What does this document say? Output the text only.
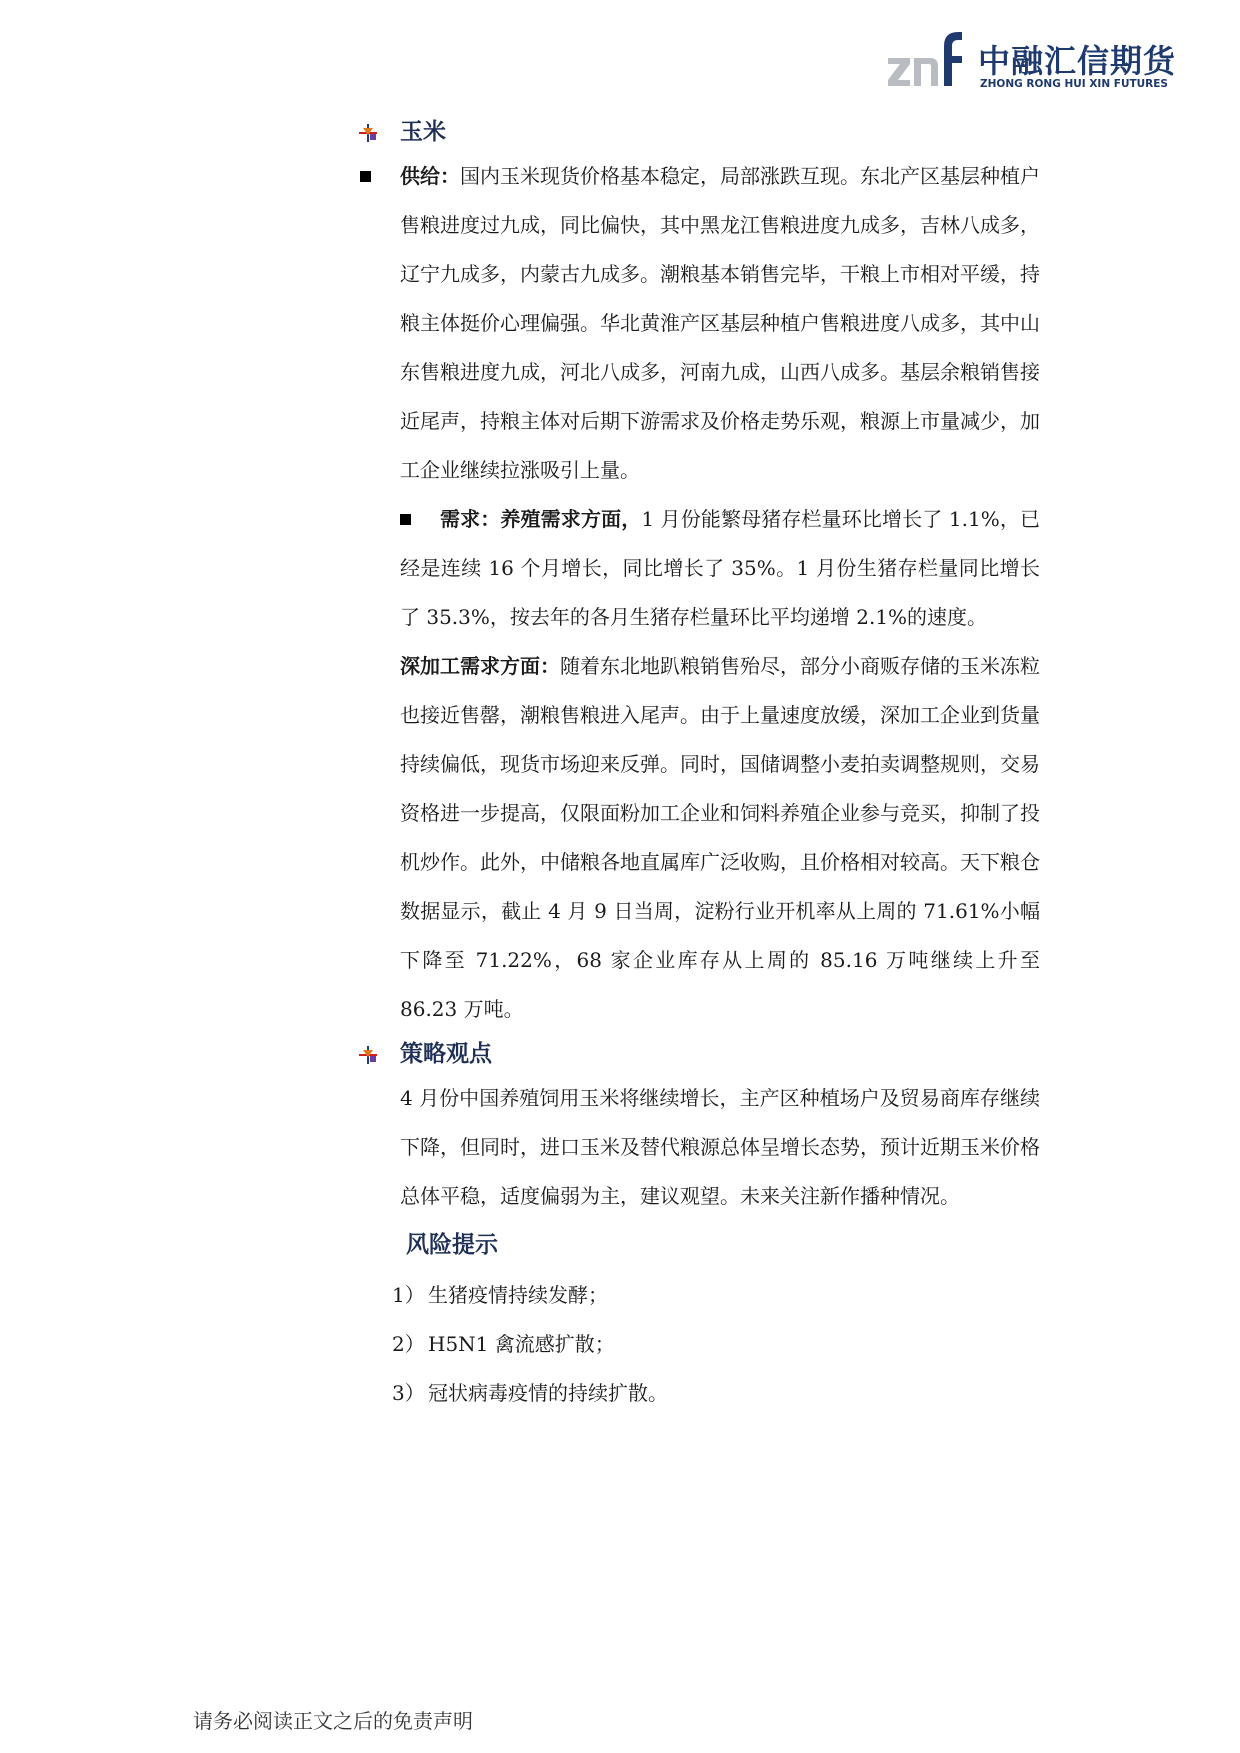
中融汇信期货
ZHONG RONG HUI XIN FUTURES
玉米
供给：国内玉米现货价格基本稳定，局部涨跌互现。东北产区基层种植户售粮进度过九成，同比偏快，其中黑龙江售粮进度九成多，吉林八成多，辽宁九成多，内蒙古九成多。潮粮基本销售完毕，干粮上市相对平缓，持粮主体挺价心理偏强。华北黄淮产区基层种植户售粮进度八成多，其中山东售粮进度九成，河北八成多，河南九成，山西八成多。基层余粮销售接近尾声，持粮主体对后期下游需求及价格走势乐观，粮源上市量减少，加工企业继续拉涨吸引上量。
需求：养殖需求方面，1 月份能繁母猪存栏量环比增长了 1.1%，已经是连续 16 个月增长，同比增长了 35%。1 月份生猪存栏量同比增长了 35.3%，按去年的各月生猪存栏量环比平均递增 2.1%的速度。
深加工需求方面：随着东北地趴粮销售殆尽，部分小商贩存储的玉米冻粒也接近售罄，潮粮售粮进入尾声。由于上量速度放缓，深加工企业到货量持续偏低，现货市场迎来反弹。同时，国储调整小麦拍卖调整规则，交易资格进一步提高，仅限面粉加工企业和饲料养殖企业参与竞买，抑制了投机炒作。此外，中储粮各地直属库广泛收购，且价格相对较高。天下粮仓数据显示，截止 4 月 9 日当周，淀粉行业开机率从上周的 71.61%小幅下降至 71.22%，68 家企业库存从上周的 85.16 万吨继续上升至 86.23 万吨。
策略观点
4 月份中国养殖饲用玉米将继续增长，主产区种植场户及贸易商库存继续下降，但同时，进口玉米及替代粮源总体呈增长态势，预计近期玉米价格总体平稳，适度偏弱为主，建议观望。未来关注新作播种情况。
风险提示
1） 生猪疫情持续发酵；
2） H5N1 禽流感扩散；
3） 冠状病毒疫情的持续扩散。
请务必阅读正文之后的免责声明
